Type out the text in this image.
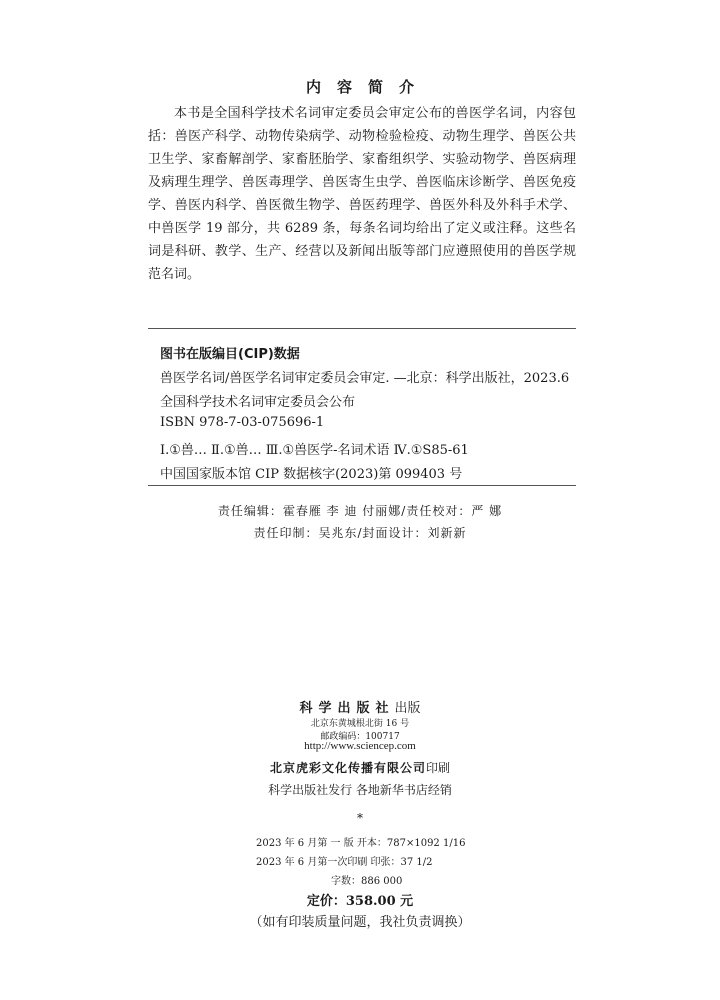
内容简介

本书是全国科学技术名词审定委员会审定公布的兽医学名词，内容包括：兽医产科学、动物传染病学、动物检验检疫、动物生理学、兽医公共卫生学、家畜解剖学、家畜胚胎学、家畜组织学、实验动物学、兽医病理及病理生理学、兽医毒理学、兽医寄生虫学、兽医临床诊断学、兽医免疫学、兽医内科学、兽医微生物学、兽医药理学、兽医外科及外科手术学、中兽医学 19 部分，共 6289 条，每条名词均给出了定义或注释。这些名词是科研、教学、生产、经营以及新闻出版等部门应遵照使用的兽医学规范名词。

图书在版编目(CIP)数据
兽医学名词/兽医学名词审定委员会审定. —北京：科学出版社，2023.6
全国科学技术名词审定委员会公布
ISBN 978-7-03-075696-1
Ⅰ.①兽… Ⅱ.①兽… Ⅲ.①兽医学-名词术语 Ⅳ.①S85-61
中国国家版本馆 CIP 数据核字(2023)第 099403 号
责任编辑：霍春雁 李 迪 付丽娜/责任校对：严 娜
责任印制：吴兆东/封面设计：刘新新
科学出版社出版
北京东黄城根北街 16 号
邮政编码：100717
http://www.sciencep.com
北京虎彩文化传播有限公司印刷
科学出版社发行 各地新华书店经销
*
2023 年 6 月第 一 版 开本：787×1092 1/16
2023 年 6 月第一次印刷 印张：37 1/2
字数：886 000
定价：358.00 元
（如有印装质量问题，我社负责调换）
